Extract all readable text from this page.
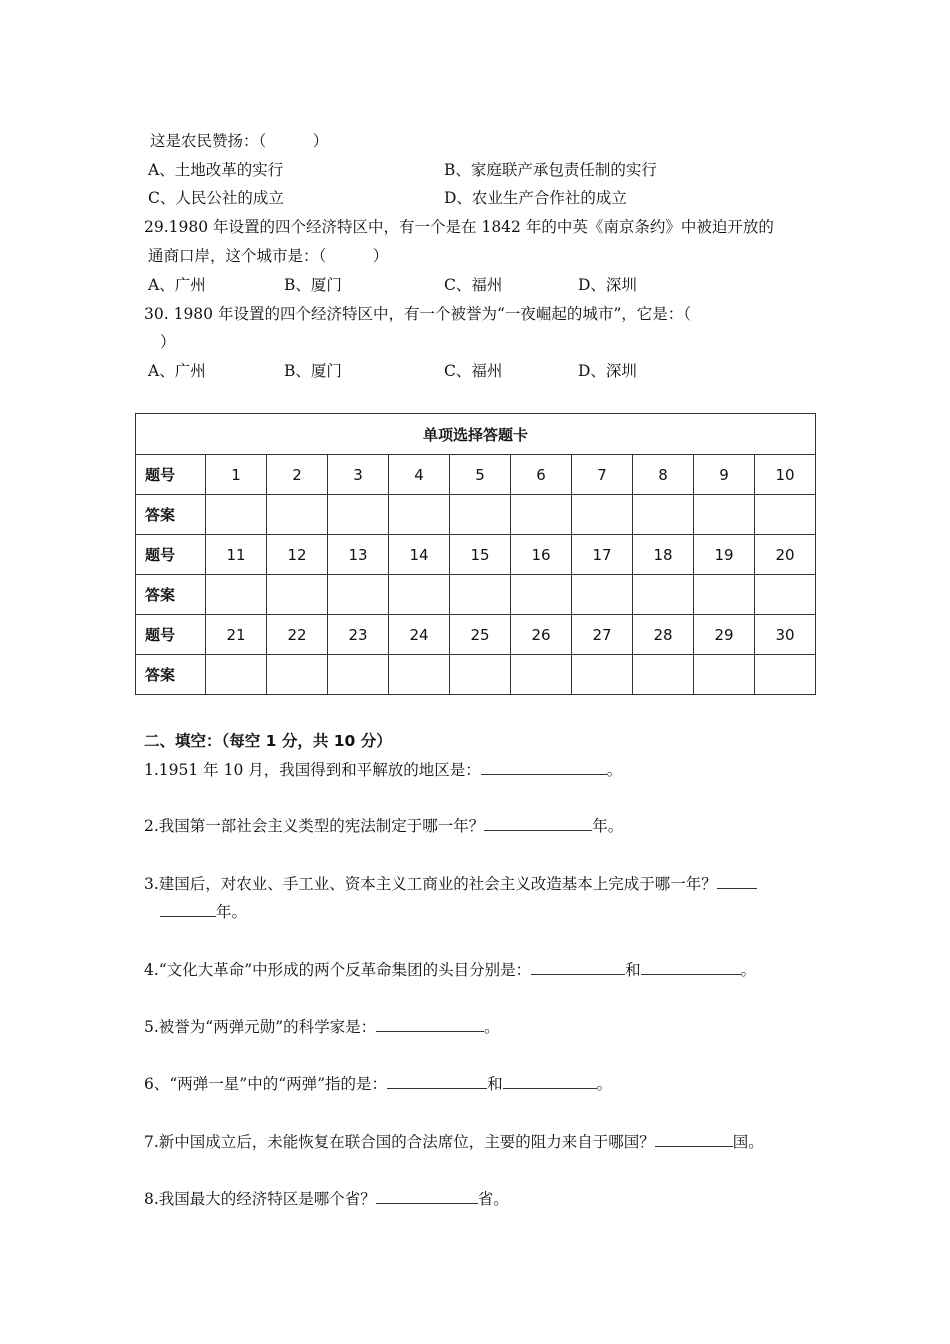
这是农民赞扬：（　　　）
A、土地改革的实行	B、家庭联产承包责任制的实行
C、人民公社的成立	D、农业生产合作社的成立
29.1980 年设置的四个经济特区中，有一个是在 1842 年的中英《南京条约》中被迫开放的
通商口岸，这个城市是：（　　　）
A、广州	B、厦门	C、福州	D、深圳
30. 1980 年设置的四个经济特区中，有一个被誉为“一夜崛起的城市”，它是：（
）
A、广州	B、厦门	C、福州	D、深圳
单项选择答题卡										
题号	1	2	3	4	5	6	7	8	9	10
答案										
题号	11	12	13	14	15	16	17	18	19	20
答案										
题号	21	22	23	24	25	26	27	28	29	30
答案										
二、填空：（每空 1 分，共 10 分）
1.1951 年 10 月，我国得到和平解放的地区是：	。
2.我国第一部社会主义类型的宪法制定于哪一年？	年。
3.建国后，对农业、手工业、资本主义工商业的社会主义改造基本上完成于哪一年？
年。
4.“文化大革命”中形成的两个反革命集团的头目分别是：	和	。
5.被誉为“两弹元勋”的科学家是：	。
6、“两弹一星”中的“两弹”指的是：	和	。
7.新中国成立后，未能恢复在联合国的合法席位，主要的阻力来自于哪国？	国。
8.我国最大的经济特区是哪个省？	省。
